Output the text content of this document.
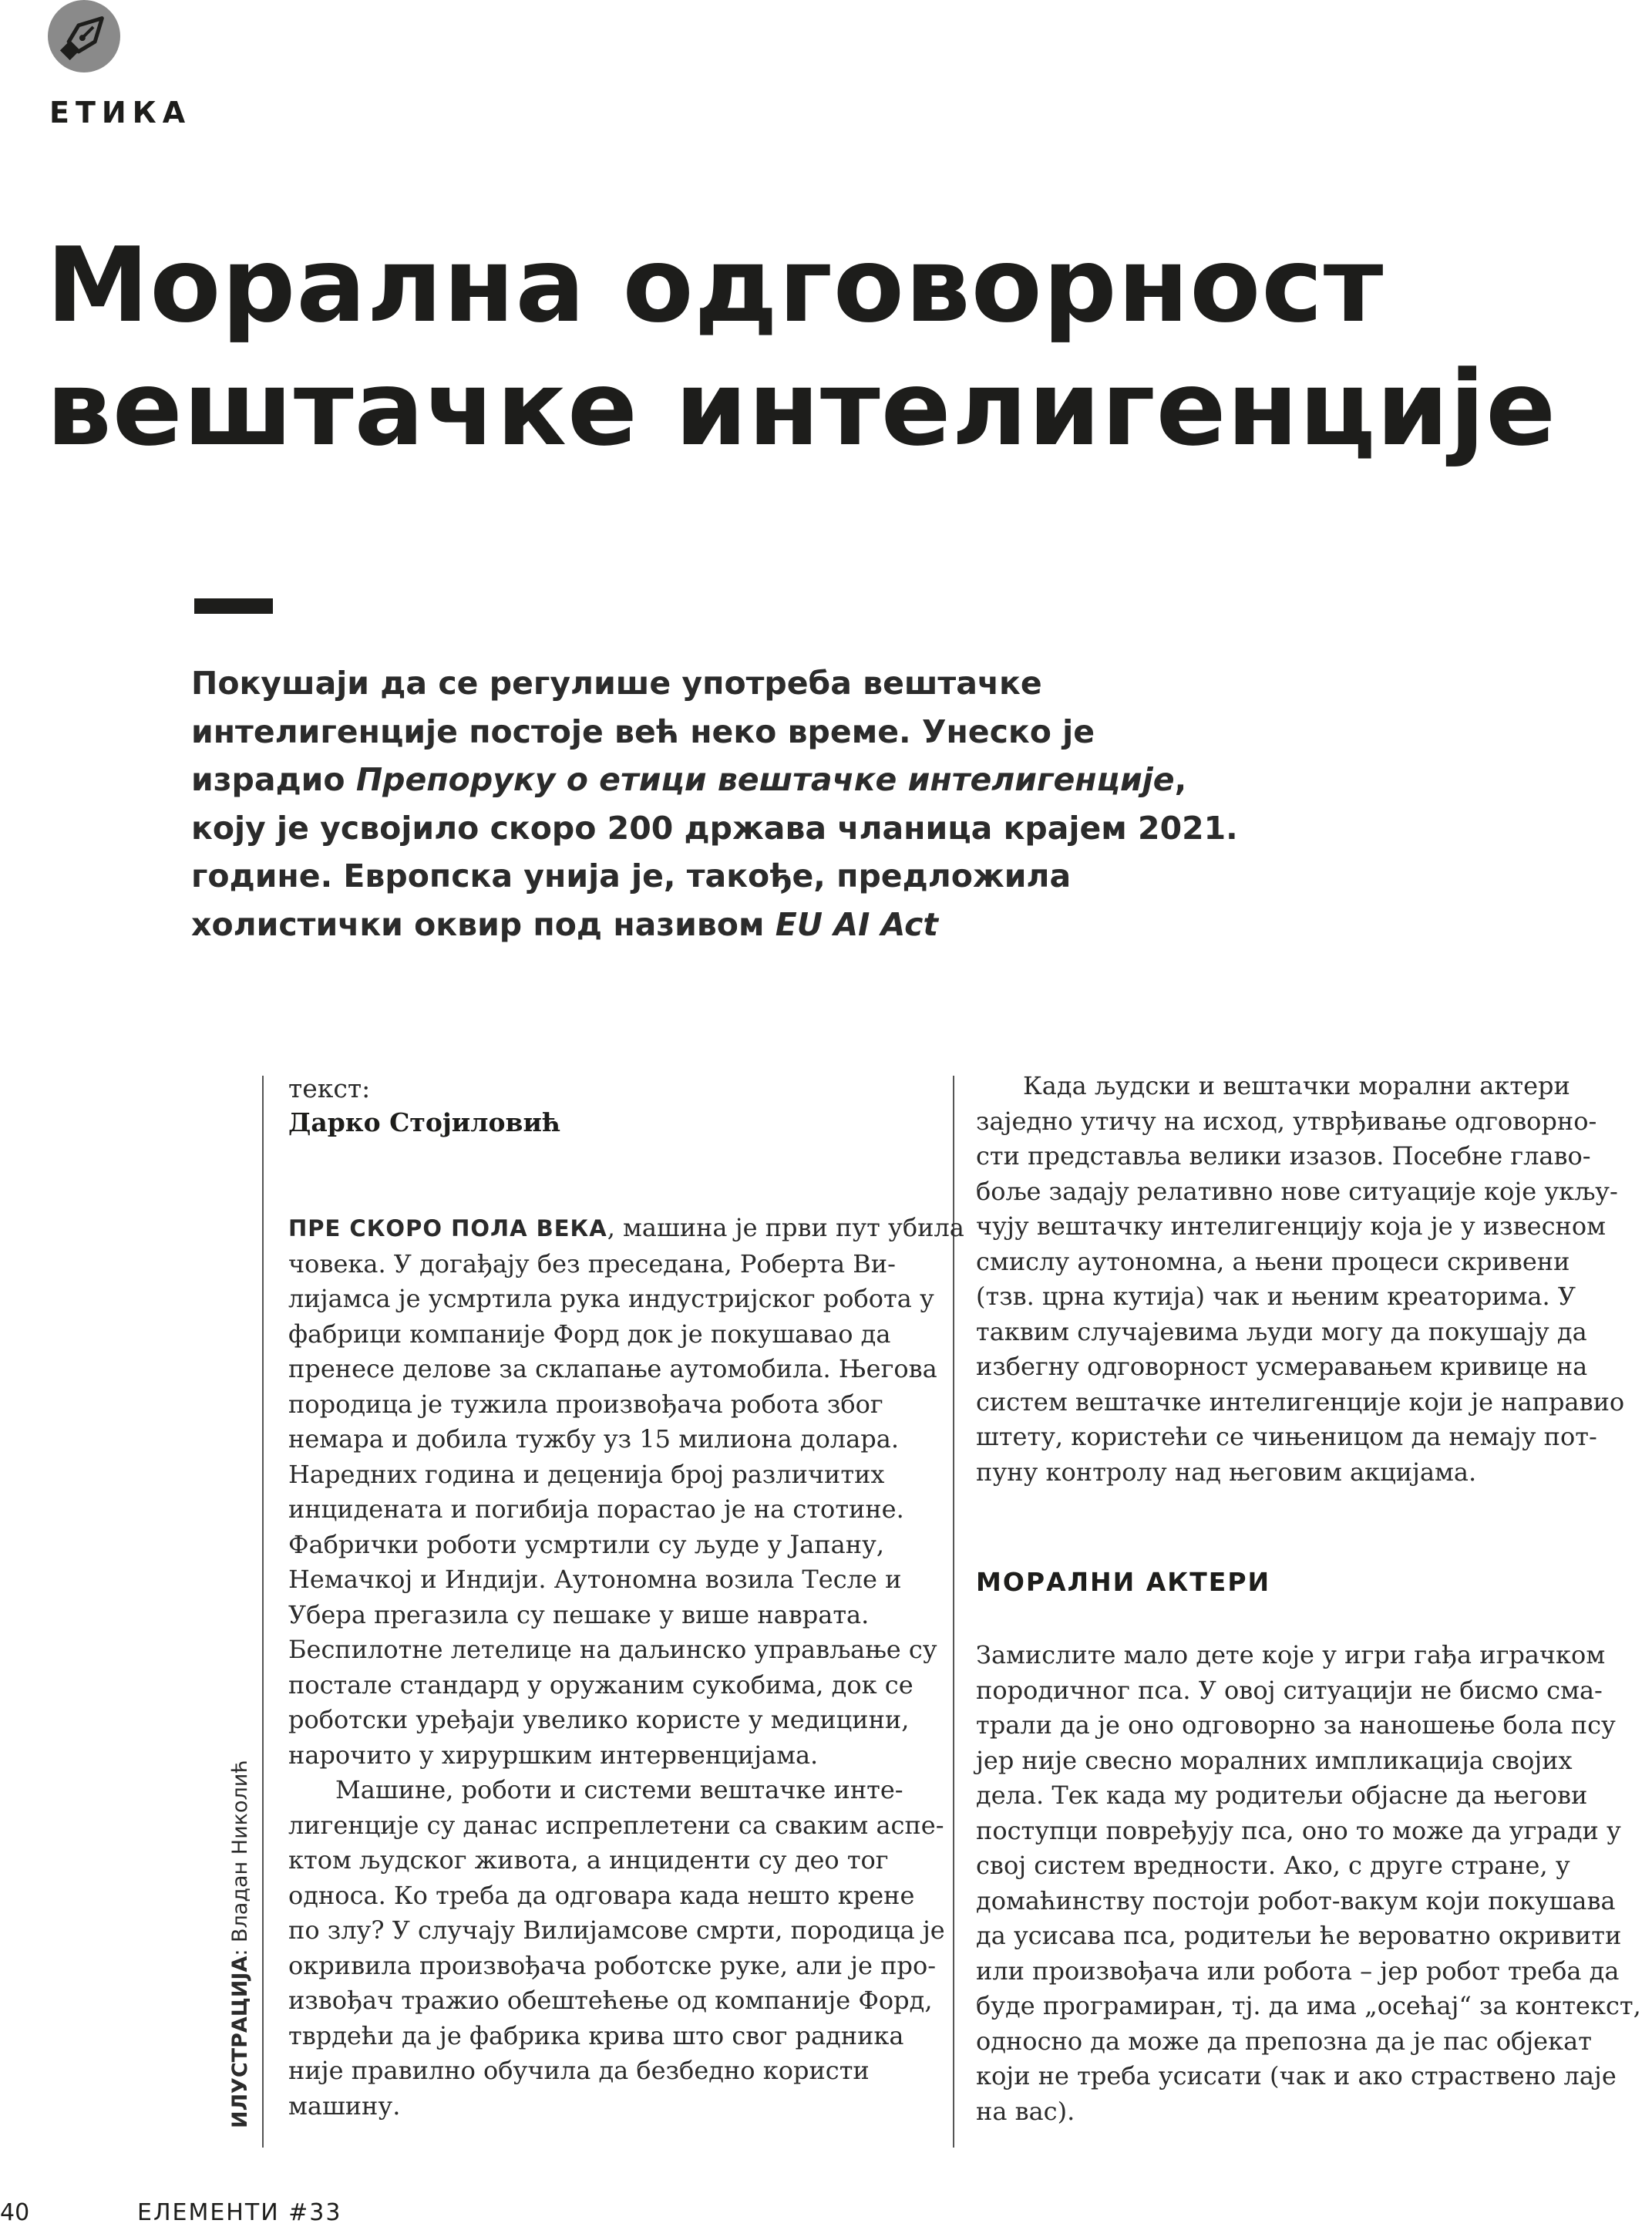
ЕТИКА
Морална одговорност
вештачке интелигенције
Покушаји да се регулише употреба вештачке
интелигенције постоје већ неко време. Унеско је
израдио Препоруку о етици вештачке интелигенције,
коју је усвојило скоро 200 држава чланица крајем 2021.
године. Европска унија је, такође, предложила
холистички оквир под називом EU AI Act
текст:
Дарко Стојиловић
ИЛУСТРАЦИЈА: Владан Николић
ПРЕ СКОРО ПОЛА ВЕКА, машина је први пут убила
човека. У догађају без преседана, Роберта Ви-
лијамса је усмртила рука индустријског робота у
фабрици компаније Форд док је покушавао да
пренесе делове за склапање аутомобила. Његова
породица је тужила произвођача робота због
немара и добила тужбу уз 15 милиона долара.
Наредних година и деценија број различитих
инцидената и погибија порастао је на стотине.
Фабрички роботи усмртили су људе у Јапану,
Немачкој и Индији. Аутономна возила Тесле и
Убера прегазила су пешаке у више наврата.
Беспилотне летелице на даљинско управљање су
постале стандард у оружаним сукобима, док се
роботски уређаји увелико користе у медицини,
нарочито у хируршким интервенцијама.
Машине, роботи и системи вештачке инте-
лигенције су данас испреплетени са сваким аспе-
ктом људског живота, а инциденти су део тог
односа. Ко треба да одговара када нешто крене
по злу? У случају Вилијамсове смрти, породица је
окривила произвођача роботске руке, али је про-
извођач тражио обештећење од компаније Форд,
тврдећи да је фабрика крива што свог радника
није правилно обучила да безбедно користи
машину.
Када људски и вештачки морални актери
заједно утичу на исход, утврђивање одговорно-
сти представља велики изазов. Посебне главо-
боље задају релативно нове ситуације које укљу-
чују вештачку интелигенцију која је у извесном
смислу аутономна, а њени процеси скривени
(тзв. црна кутија) чак и њеним креаторима. У
таквим случајевима људи могу да покушају да
избегну одговорност усмеравањем кривице на
систем вештачке интелигенције који је направио
штету, користећи се чињеницом да немају пот-
пуну контролу над његовим акцијама.
МОРАЛНИ АКТЕРИ
Замислите мало дете које у игри гађа играчком
породичног пса. У овој ситуацији не бисмо сма-
трали да је оно одговорно за наношење бола псу
јер није свесно моралних импликација својих
дела. Тек када му родитељи објасне да његови
поступци повређују пса, оно то може да угради у
свој систем вредности. Ако, с друге стране, у
домаћинству постоји робот-вакум који покушава
да усисава пса, родитељи ће вероватно окривити
или произвођача или робота – јер робот треба да
буде програмиран, тј. да има „осећај“ за контекст,
односно да може да препозна да је пас објекат
који не треба усисати (чак и ако страствено лаје
на вас).
40	ЕЛЕМЕНТИ #33
